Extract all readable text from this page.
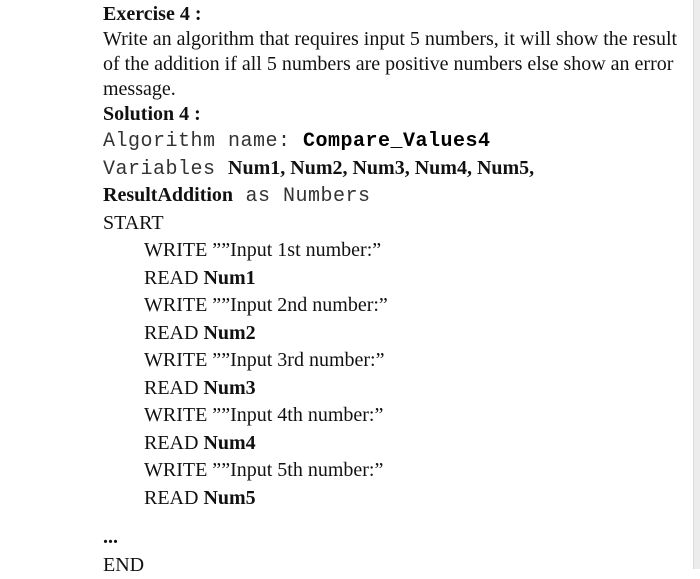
Exercise 4 :
Write an algorithm that requires input 5 numbers, it will show the result of the addition if all 5 numbers are positive numbers else show an error message.
Solution 4 :
Algorithm name: Compare_Values4
Variables Num1, Num2, Num3, Num4, Num5,
ResultAddition as Numbers
START
WRITE ””Input 1st number:”
READ Num1
WRITE ””Input 2nd number:”
READ Num2
WRITE ””Input 3rd number:”
READ Num3
WRITE ””Input 4th number:”
READ Num4
WRITE ””Input 5th number:”
READ Num5
...
END
